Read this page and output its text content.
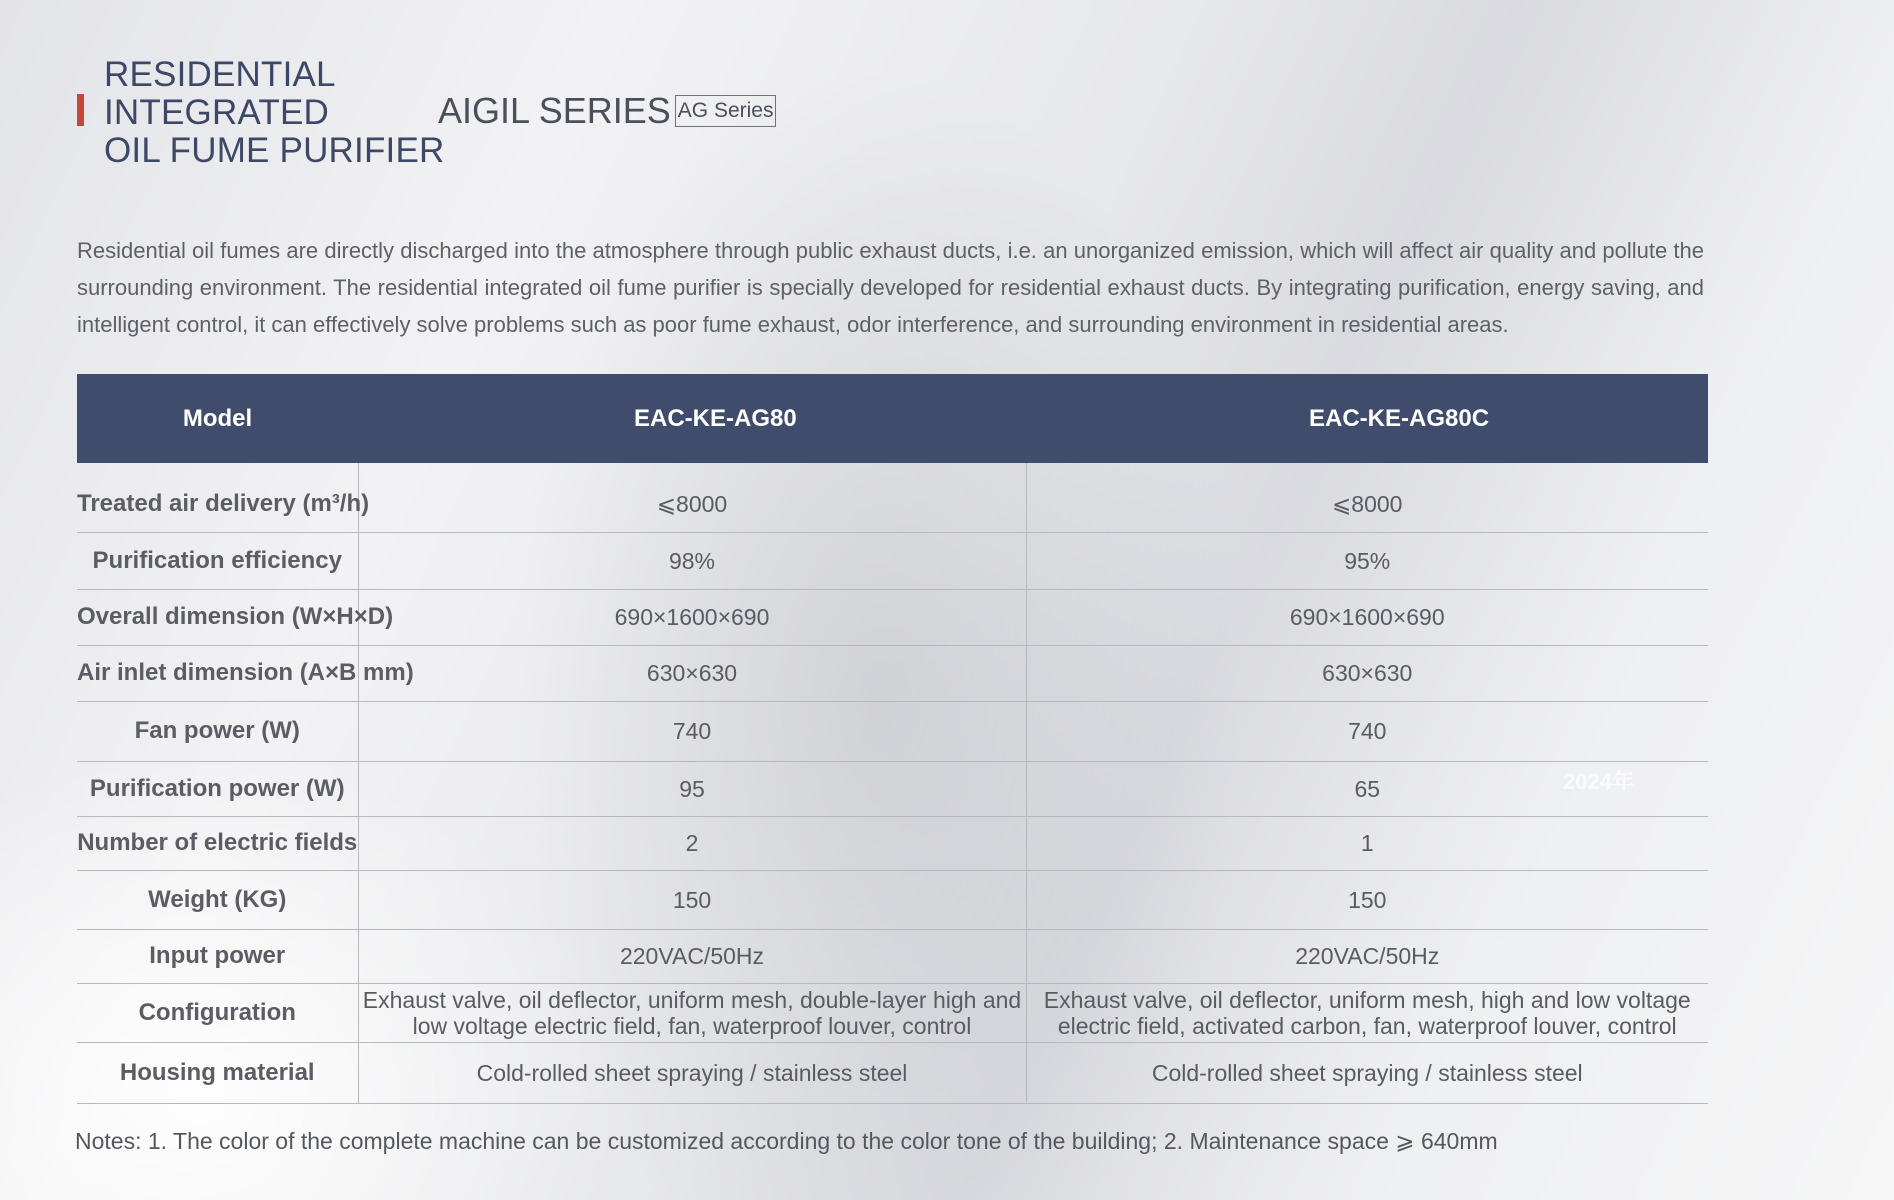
RESIDENTIAL
INTEGRATED
OIL FUME PURIFIER
AIGIL SERIES AG Series
Residential oil fumes are directly discharged into the atmosphere through public exhaust ducts, i.e. an unorganized emission, which will affect air quality and pollute the surrounding environment. The residential integrated oil fume purifier is specially developed for residential exhaust ducts. By integrating purification, energy saving, and intelligent control, it can effectively solve problems such as poor fume exhaust, odor interference, and surrounding environment in residential areas.
Model	EAC-KE-AG80	EAC-KE-AG80C

Treated air delivery (m³/h)	⩽8000	⩽8000
Purification efficiency	98%	95%
Overall dimension (W×H×D)	690×1600×690	690×1600×690
Air inlet dimension (A×B mm)	630×630	630×630
Fan power (W)	740	740
Purification power (W)	95	65
Number of electric fields	2	1
Weight (KG)	150	150
Input power	220VAC/50Hz	220VAC/50Hz
Configuration	Exhaust valve, oil deflector, uniform mesh, double-layer high and low voltage electric field, fan, waterproof louver, control	Exhaust valve, oil deflector, uniform mesh, high and low voltage electric field, activated carbon, fan, waterproof louver, control
Housing material	Cold-rolled sheet spraying / stainless steel	Cold-rolled sheet spraying / stainless steel
2024年
Notes: 1. The color of the complete machine can be customized according to the color tone of the building; 2. Maintenance space ⩾ 640mm
